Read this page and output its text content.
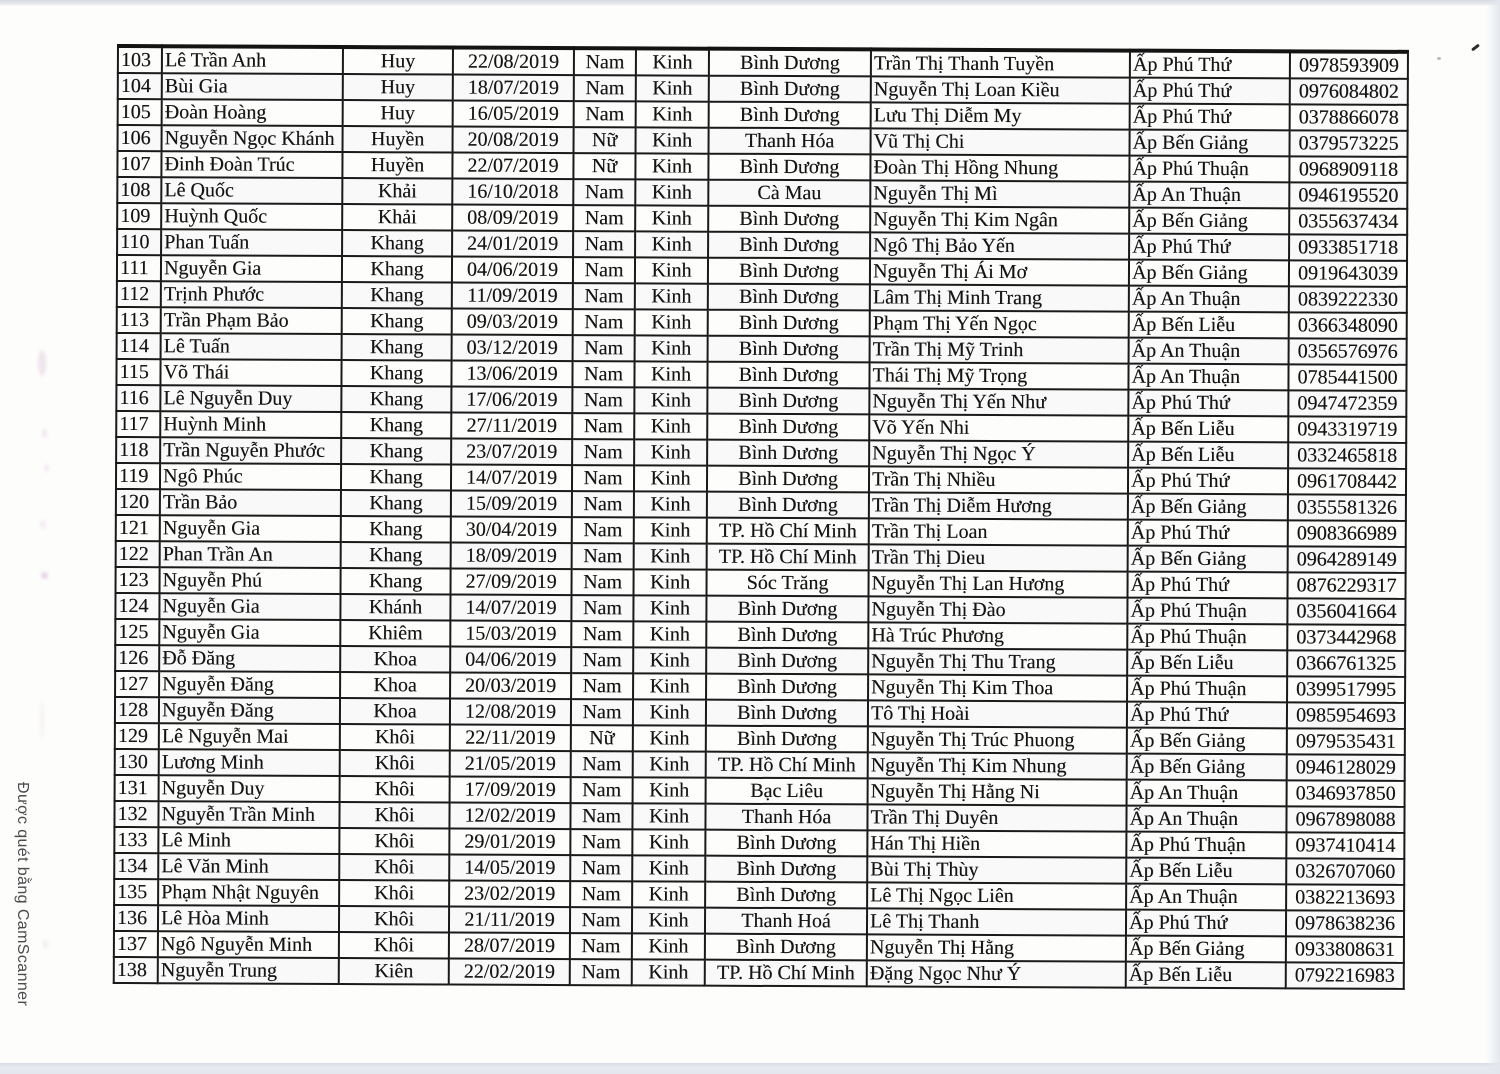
103	Lê Trần Anh	Huy	22/08/2019	Nam	Kinh	Bình Dương	Trần Thị Thanh Tuyền	Ấp Phú Thứ	0978593909
104	Bùi Gia	Huy	18/07/2019	Nam	Kinh	Bình Dương	Nguyễn Thị Loan Kiều	Ấp Phú Thứ	0976084802
105	Đoàn Hoàng	Huy	16/05/2019	Nam	Kinh	Bình Dương	Lưu Thị Diễm My	Ấp Phú Thứ	0378866078
106	Nguyễn Ngọc Khánh	Huyền	20/08/2019	Nữ	Kinh	Thanh Hóa	Vũ Thị Chi	Ấp Bến Giảng	0379573225
107	Đinh Đoàn Trúc	Huyền	22/07/2019	Nữ	Kinh	Bình Dương	Đoàn Thị Hồng Nhung	Ấp Phú Thuận	0968909118
108	Lê Quốc	Khải	16/10/2018	Nam	Kinh	Cà Mau	Nguyễn Thị Mì	Ấp An Thuận	0946195520
109	Huỳnh Quốc	Khải	08/09/2019	Nam	Kinh	Bình Dương	Nguyễn Thị Kim Ngân	Ấp Bến Giảng	0355637434
110	Phan Tuấn	Khang	24/01/2019	Nam	Kinh	Bình Dương	Ngô Thị Bảo Yến	Ấp Phú Thứ	0933851718
111	Nguyễn Gia	Khang	04/06/2019	Nam	Kinh	Bình Dương	Nguyễn Thị Ái Mơ	Ấp Bến Giảng	0919643039
112	Trịnh Phước	Khang	11/09/2019	Nam	Kinh	Bình Dương	Lâm Thị Minh Trang	Ấp An Thuận	0839222330
113	Trần Phạm Bảo	Khang	09/03/2019	Nam	Kinh	Bình Dương	Phạm Thị Yến Ngọc	Ấp Bến Liễu	0366348090
114	Lê Tuấn	Khang	03/12/2019	Nam	Kinh	Bình Dương	Trần Thị Mỹ Trinh	Ấp An Thuận	0356576976
115	Võ Thái	Khang	13/06/2019	Nam	Kinh	Bình Dương	Thái Thị Mỹ Trọng	Ấp An Thuận	0785441500
116	Lê Nguyễn Duy	Khang	17/06/2019	Nam	Kinh	Bình Dương	Nguyễn Thị Yến Như	Ấp Phú Thứ	0947472359
117	Huỳnh Minh	Khang	27/11/2019	Nam	Kinh	Bình Dương	Võ Yến Nhi	Ấp Bến Liễu	0943319719
118	Trần Nguyễn Phước	Khang	23/07/2019	Nam	Kinh	Bình Dương	Nguyễn Thị Ngọc Ý	Ấp Bến Liễu	0332465818
119	Ngô Phúc	Khang	14/07/2019	Nam	Kinh	Bình Dương	Trần Thị Nhiều	Ấp Phú Thứ	0961708442
120	Trần Bảo	Khang	15/09/2019	Nam	Kinh	Bình Dương	Trần Thị Diễm Hương	Ấp Bến Giảng	0355581326
121	Nguyễn Gia	Khang	30/04/2019	Nam	Kinh	TP. Hồ Chí Minh	Trần Thị Loan	Ấp Phú Thứ	0908366989
122	Phan Trần An	Khang	18/09/2019	Nam	Kinh	TP. Hồ Chí Minh	Trần Thị Dieu	Ấp Bến Giảng	0964289149
123	Nguyễn Phú	Khang	27/09/2019	Nam	Kinh	Sóc Trăng	Nguyễn Thị Lan Hương	Ấp Phú Thứ	0876229317
124	Nguyễn Gia	Khánh	14/07/2019	Nam	Kinh	Bình Dương	Nguyễn Thị Đào	Ấp Phú Thuận	0356041664
125	Nguyễn Gia	Khiêm	15/03/2019	Nam	Kinh	Bình Dương	Hà Trúc Phương	Ấp Phú Thuận	0373442968
126	Đỗ Đăng	Khoa	04/06/2019	Nam	Kinh	Bình Dương	Nguyễn Thị Thu Trang	Ấp Bến Liễu	0366761325
127	Nguyễn Đăng	Khoa	20/03/2019	Nam	Kinh	Bình Dương	Nguyễn Thị Kim Thoa	Ấp Phú Thuận	0399517995
128	Nguyễn Đăng	Khoa	12/08/2019	Nam	Kinh	Bình Dương	Tô Thị Hoài	Ấp Phú Thứ	0985954693
129	Lê Nguyễn Mai	Khôi	22/11/2019	Nữ	Kinh	Bình Dương	Nguyễn Thị Trúc Phuong	Ấp Bến Giảng	0979535431
130	Lương Minh	Khôi	21/05/2019	Nam	Kinh	TP. Hồ Chí Minh	Nguyễn Thị Kim Nhung	Ấp Bến Giảng	0946128029
131	Nguyễn Duy	Khôi	17/09/2019	Nam	Kinh	Bạc Liêu	Nguyễn Thị Hằng Ni	Ấp An Thuận	0346937850
132	Nguyễn Trần Minh	Khôi	12/02/2019	Nam	Kinh	Thanh Hóa	Trần Thị Duyên	Ấp An Thuận	0967898088
133	Lê Minh	Khôi	29/01/2019	Nam	Kinh	Bình Dương	Hán Thị Hiền	Ấp Phú Thuận	0937410414
134	Lê Văn Minh	Khôi	14/05/2019	Nam	Kinh	Bình Dương	Bùi Thị Thùy	Ấp Bến Liễu	0326707060
135	Phạm Nhật Nguyên	Khôi	23/02/2019	Nam	Kinh	Bình Dương	Lê Thị Ngọc Liên	Ấp An Thuận	0382213693
136	Lê Hòa Minh	Khôi	21/11/2019	Nam	Kinh	Thanh Hoá	Lê Thị Thanh	Ấp Phú Thứ	0978638236
137	Ngô Nguyễn Minh	Khôi	28/07/2019	Nam	Kinh	Bình Dương	Nguyễn Thị Hằng	Ấp Bến Giảng	0933808631
138	Nguyễn Trung	Kiên	22/02/2019	Nam	Kinh	TP. Hồ Chí Minh	Đặng Ngọc Như Ý	Ấp Bến Liễu	0792216983
Được quét bằng CamScanner
